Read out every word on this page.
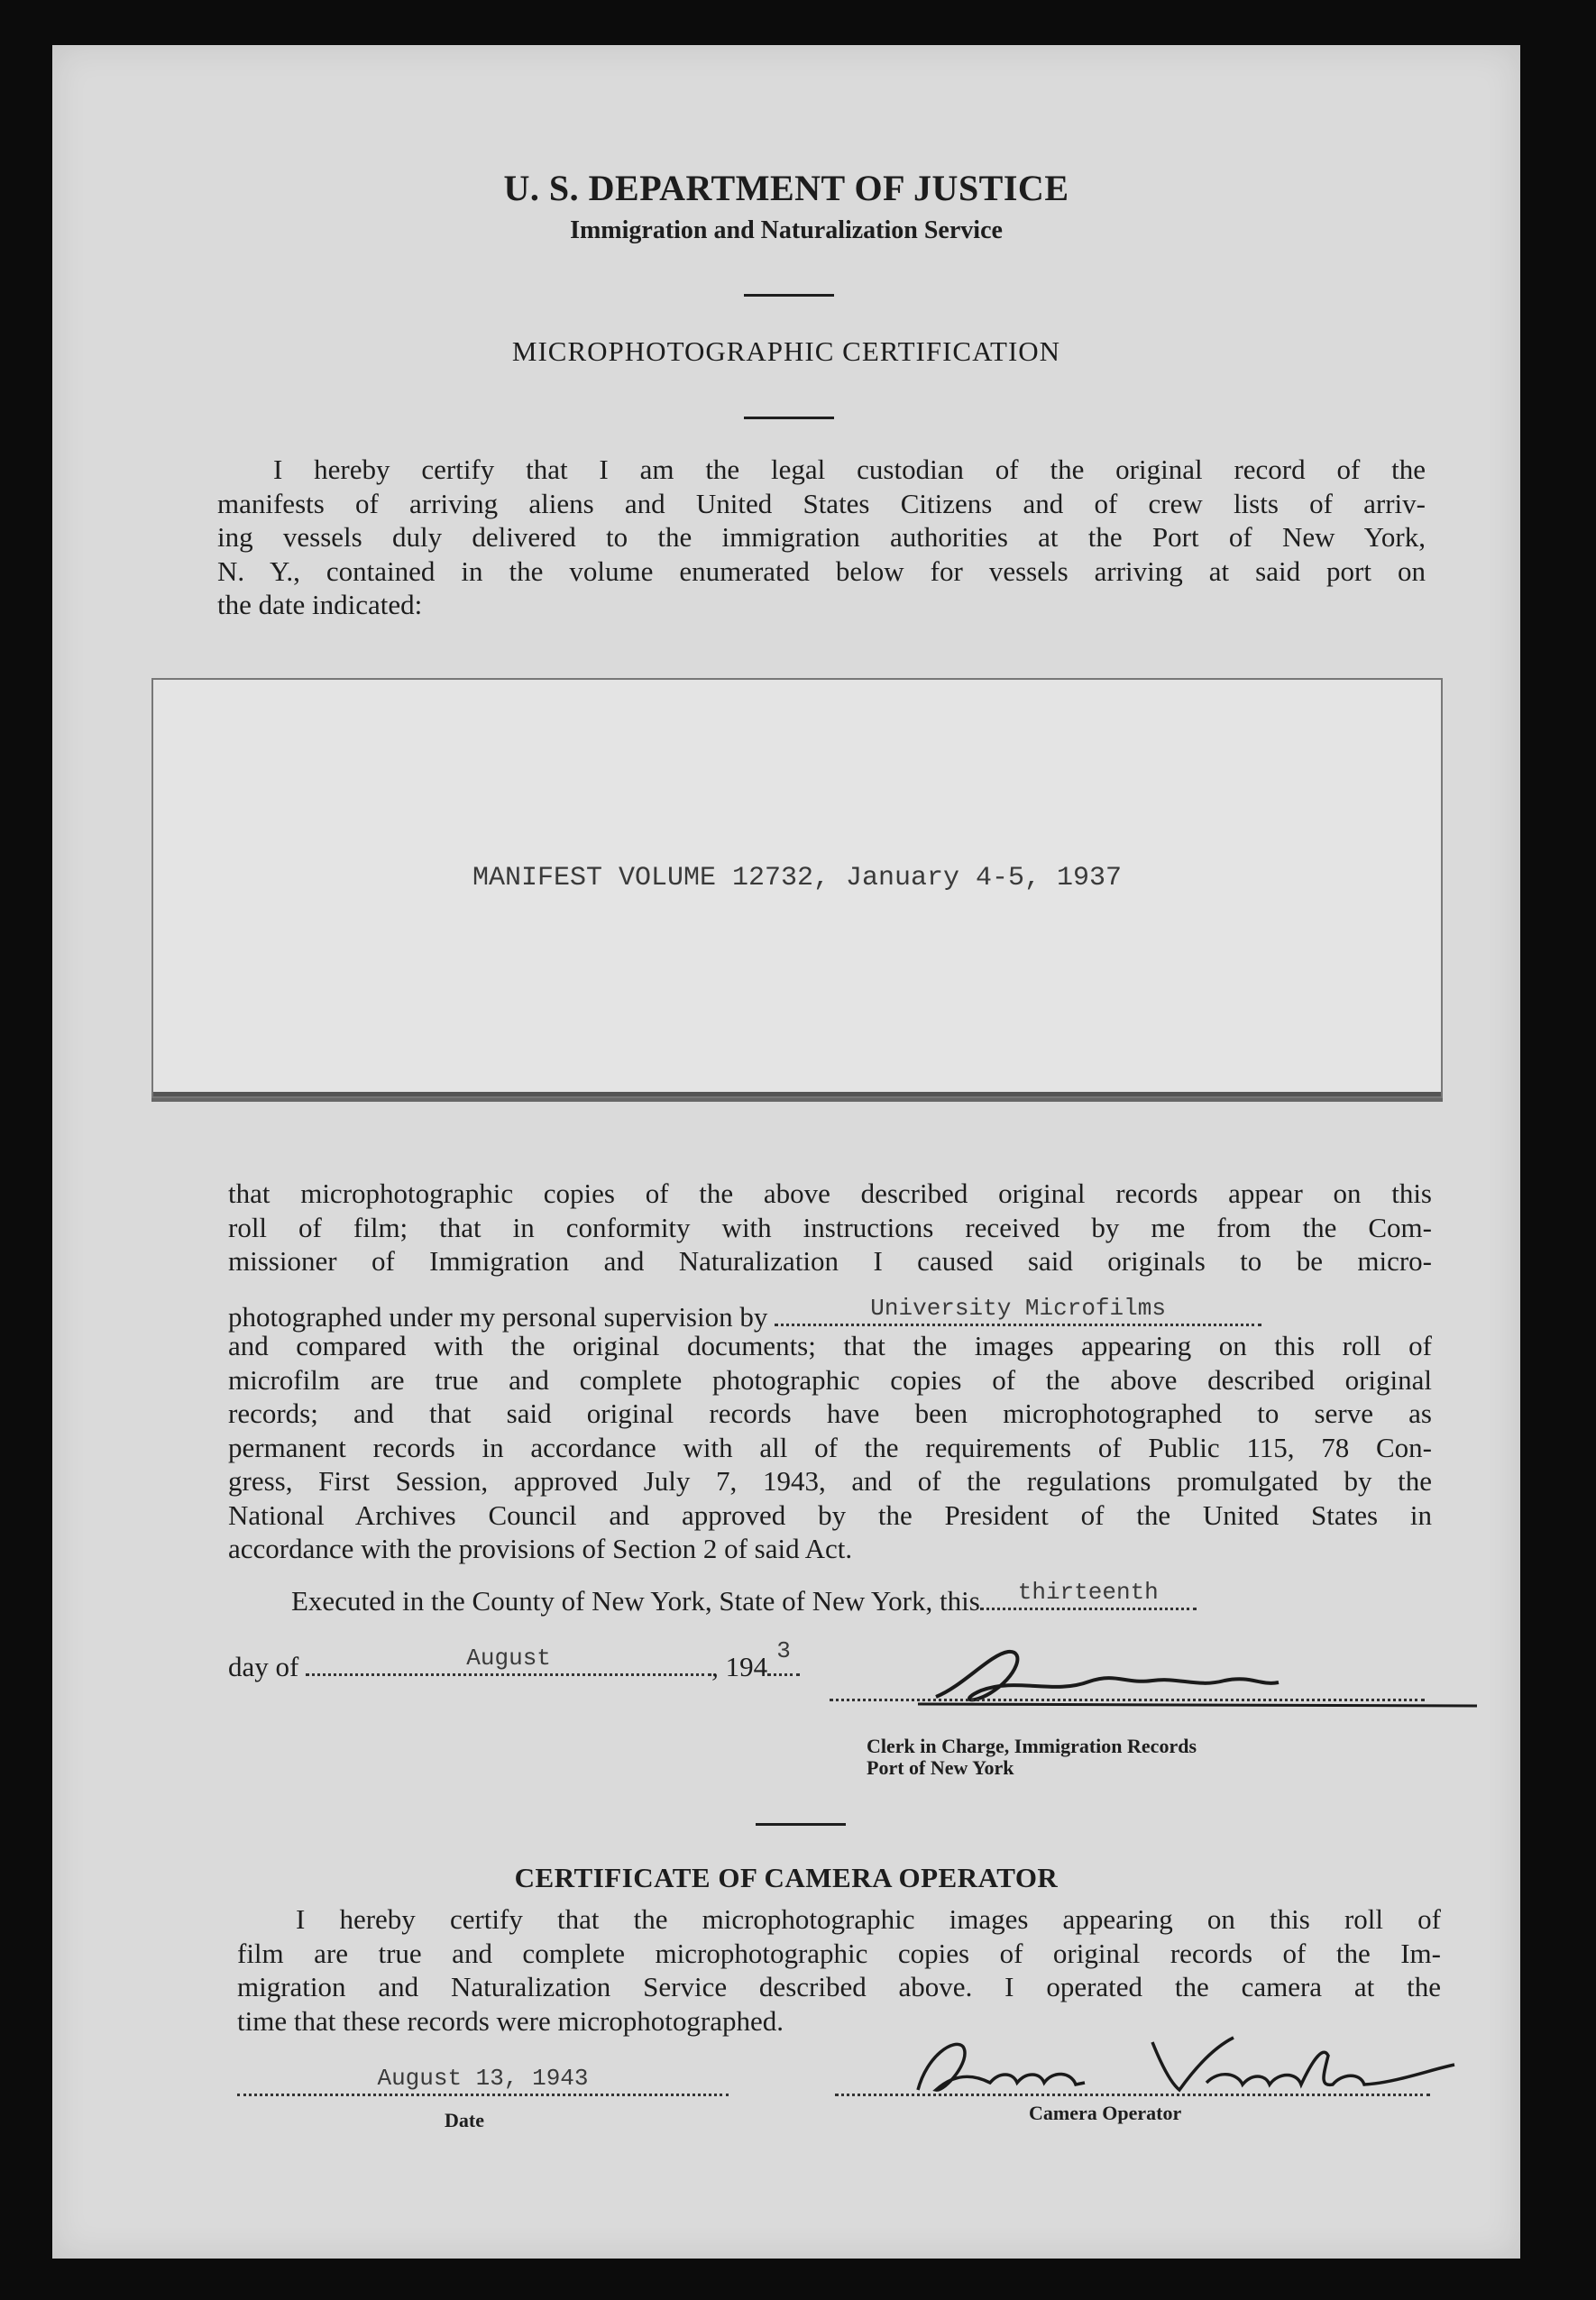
U. S. DEPARTMENT OF JUSTICE
Immigration and Naturalization Service
MICROPHOTOGRAPHIC CERTIFICATION

I hereby certify that I am the legal custodian of the original record of the

manifests of arriving aliens and United States Citizens and of crew lists of arriv-

ing vessels duly delivered to the immigration authorities at the Port of New York,

N. Y., contained in the volume enumerated below for vessels arriving at said port on

the date indicated:

MANIFEST VOLUME 12732, January 4-5, 1937

that microphotographic copies of the above described original records appear on this

roll of film; that in conformity with instructions received by me from the Com-

missioner of Immigration and Naturalization I caused said originals to be micro-

photographed under my personal supervision by	University Microfilms

and compared with the original documents; that the images appearing on this roll of

microfilm are true and complete photographic copies of the above described original

records; and that said original records have been microphotographed to serve as

permanent records in accordance with all of the requirements of Public 115, 78 Con-

gress, First Session, approved July 7, 1943, and of the regulations promulgated by the

National Archives Council and approved by the President of the United States in

accordance with the provisions of Section 2 of said Act.

Executed in the County of New York, State of New York, this	thirteenth
day of	August	, 194 3
Clerk in Charge, Immigration Records
Port of New York
CERTIFICATE OF CAMERA OPERATOR

I hereby certify that the microphotographic images appearing on this roll of

film are true and complete microphotographic copies of original records of the Im-

migration and Naturalization Service described above. I operated the camera at the

time that these records were microphotographed.

August 13, 1943
Date	Camera Operator
